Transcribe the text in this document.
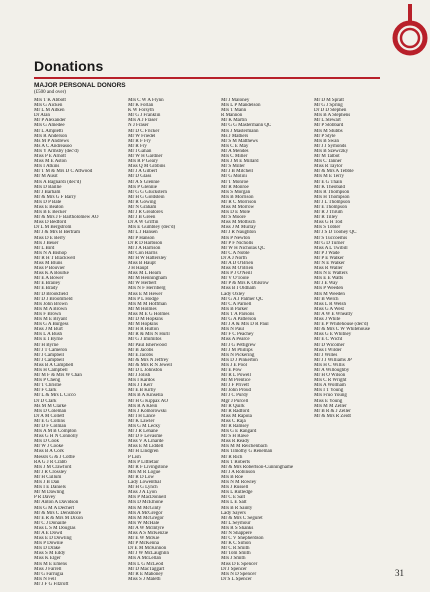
Donations
MAJOR PERSONAL DONORS
(£500 and over)
Mrs T K Abbott
Mrs G Aicken
Mr L M Aitken
Dr Alan
Mr P Alexander
Mrs G Amedee
Mr L Ampletti
Mrs R Anderson
Ms M P Andrews
Ms A C Andreasoo
Mrs Y Armsby (dec'd)
Miss P E Arnott
Miss M E Aston
Mrs I Atkins
Mr T M & Mrs D C Attwood
Mr M Ausit
Mrs A Bagnardi (dec'd)
Mrs D Baillie
Mr J Barham
Mr & Mrs G F Barry
Mrs D P Bate
Miss E Beaton
Mrs B E Becker
Mr & Mrs J F Bartholomew AO
Miss D Bedford
Dr L M Bergstrom
Mr J & Mrs B Bertram
Miss D E Berry
Mrs J Beuer
Mr L Bird
Mrs N A Bishop
Mr R H T Blackwell
Miss M Bluns
Miss P Bouvier
Miss K A Bourke
Mr E A Bower
Mr E Brailey
Mr E Brady
Mr D Brookfield
Mr D J Broomfield
Mrs John Brown
Mrs M A Brown
Mrs F Brown
Mrs M E Bryant
Mrs G A Burgess
Miss J M Burt
Mrs L A Bush
Mrs E I Byrne
Mr H Byrne
Mr J T Cameron
Mr J Campbell
Mr J Campbell
Miss B A Campbell
Mrs H Campbell
Mr M F & Mrs W Chan
Mrs P Cheng
Mr T Christie
Mr F Clark
Mr L & Mrs L Cicco
Dr D Clark
Ms M M Clarke
Mrs D Coleman
Dr A M Collett
Mr E G Collins
Mr D F Colman
Mrs A M B Compton
Miss G H N Connolly
Mrs D Cook
Mr W J Cooke
Miss B A Cork
Messrs G & J Cottle
RA G J R Crabb
Mrs J M Crawford
Mr J R Crossley
Mr H Cullum
Mrs J B Dan
Mrs I E Daniels
Mr M Dawling
P R Davey
Mr Anton A Davidson
Mrs G M A Dechert
Mr & Mrs C Densmore
Mr E R & Mrs M Dixon
Mr C J Donaille
Miss L S M Douglas
Mr A E Dowd
Miss E D Dowling
Mrs P Downie
Mrs D Drake
Miss S M Eddy
Miss K Elger
Mrs M E Emens
Miss J Farrell
Mr G Farrugia
Mrs N Fell
Mr J F G Fitzroft
Mrs C W A Flynn
Mr K Forlan
K W Forsyth
Mr G J Franklin
Mrs A J Fraser
N J Fraser
Mr D C Fricker
Mr W Friedel
Mr R F Fry
Mr R Fry
Mr I Gahan
Mr W H Gardner
Mrs R P Geary
Miss Q M Gibbins
Mr J A Gilbert
Mr D Glass
Mr A S Glennie
Mrs P Glennie
Mr G G Gluckstern
Mr H G Goldstein
Mr R Gowing
Mr N Graham
Mr J R Greatorex
Mr J B Green
Dr A W Griffin
Mrs E Gumbley (dec'd)
Mr L J Hansen
Mr P Hanson
Dr R D Harbison
Mr J A Harrison
Mr Con Harris
Mr H W Hattersley
Miss B Haupt
J H Haupt
Miss M L Hearn
Mr M Henningham
Mr W Herbert
Mrs N F Herriberg
Miss E M Hewer
Mrs P L Hodge
Mrs M M Hoffman
Mr M Holmes
Miss M E G Holmes
Mr D M Hopkins
Mr M Hopkins
Mr H R Hulton
Mr R & Mrs N Hurll
Mr G J Imimitos
Mr Paul Isherwood
Mr B Jacobs
Mr E Jacobs
Mr & Mrs N Jeffrey
Mr & Mrs R N Jewell
Mr D L Johnston
Mr J Jolish
Mrs I Kardos
Mrs J I Kerr
Mr E B Kirby
Mrs B A Kinsella
Mr H G Kippax AO
Mrs R A Klein
Mrs J Komorowski
Mr I H Lance
Mr K Lawler
Mrs G M Lecky
Mr J R Lehane
Mr D F Levasme
Miss V A Liharde
Miss E M Liddell
Mr H Lindgren
P Lish
Mrs P Littlefair
Mr R F Livingstone
Mrs M R Logue
Mr R D Low
Lady Lowenthal
Mr H G Lynch
Miss J A Lyon
Mrs P MacDonnell
Mrs D McElhone
Mrs M McGinty
Mrs A McGregor
Mrs M McGregor
Mrs W McHale
Mr A W McIntyre
Miss A S McKenzie
Mr E W McKie
Mr P McKenna
Dr E M McKinnon
Mr J W McLaughlin
Mrs A McLellan
Mrs L G McLeod
Mr D MacTaggart
Mr R E Mahoney
Miss S J Maletti
Mr J Maloney
Mrs L P Mandelson
Mrs T Mann
R Mannon
Mr K Martin
Mr G G Mastermann QC
Mrs J Mastermann
Ms J Mathers
Mr S M Matthews
Mrs C E May
Mr A Mendes
Mrs C Miller
Mrs J M E Millard
Mr S Miller
Mr J B Mitchell
Mr G Molini
Mr T Monroe
Mr R Monroe
Mrs S Morgan
Mrs B Morrison
Mr R C Morrison
Miss M Morrow
Mrs D E Mole
Mr S Moore
Miss M Mottisch
Miss J M Murray
Mr J R Naughton
Mrs P Newton
Mr P F Nicholls
Mr W H Nicholas QC
Mr C A Noble
Dr A J North
Mr A D O'Brien
Miss M O'Brien
Mrs P J O'Neill
Mr V O'Toole
Mr P & Mrs K Ohlsrow
Miss B I Oldham
Lady Oxley
Mr G A J Palmer QC
Mr C A Parnell
Mrs B Parker
Mrs T A Parsons
Mr G A Patterson
Mr J A & Mrs D R Paul
Mrs N Paul
Mr F C Peachey
Miss A Pearce
Mr J G Pettigrew
Mr J M Phillips
Mrs N Pickering
Mrs D J Pinkerton
Mrs J E Pool
Mr E Pow
Mr R L Powell
Mr M Prentice
Mr J F Privett
Mr John Proud
Mr J C Purdy
Mgr J Purcell
Mr R Quirk
Mr R Radford
Miss M Rapola
Miss C Raja
Mr R Ramsey
Mrs G E Rangard
Mr S H Rawe
Miss R Ready
Mrs M M Reichenbach
Mrs Timothy G Reneman
Mr R Rich
Mrs T Roberts
Mr & Mrs Robertson-Cunninghame
Mr J A Robinson
Mrs B Roe
Mrs N M Rowley
Mrs J Russell
Mrs L Rutledge
Mr C E Salt
Mrs L E Salt
Mrs B R Sainty
Lady Sayers
Mr & Mrs C Seguret
Mr L Seymour
Mrs R S Shanks
Mr N Shappere
Mr C V Shepherdson
Mr K C Simon
Mr C R Smith
Mr Tom Smith
Mrs J Smith
Miss D E Spencer
Dr J Spencer
Mrs N D Spencer
Dr S L Spencer
Mr D M Spratt
Mr G J Spring
Dr D D Stephen
Mrs B A Stephens
Mr L Stewart
Mr P Stobbard
Mrs M Stubbs
Mr P Style
Mrs B Swan
Mr J J Symonds
Mrs B Szewczky
Mr M Talbot
Mrs C Tanner
Miss R Taylor
Mr & Mrs A Tebble
Mrs M E Terry
Mr E G Thain
Mr K Theobald
Mrs R Thompson
Mrs H Thompson
Mr J L Thompson
Mr E Thompson
Mr R J Thrum
Mr R Tilley
Miss G H Tod
Mrs S Tobler
Mr J S D Toohey QC
Mr S Tuccoemis
Mr G D Turner
Miss A L Twibill
Mr P J Wade
Mr P E Walker
Mr N E Walker
Miss R Waller
Mrs N E Walters
Mrs E E Watts
Mr J E Way
Mrs P Weeden
Mrs M Weeden
Mr B Welch
Miss L R Welsh
Miss G A West
Mr A W E Wheatly
Miss J White
Mr E P Whitehouse (dec'd)
Mr & Mrs C W Whitehouse
Miss G E Whitney
Mr E C Wicht
Mr D Wicomer
Miss I Wilder
Mr J Willes
Mr J J Williams JP
Mrs H C Willis
Mr A Willoughby
Mr H O Wilson
Mrs C R Wright
Mrs A Wollham
Mrs I T Young
Mrs Fruo Young
Miss E Young
Mrs M M Zeller
Mr B R & J Zeller
Mr & Mrs R Zeidt
31
